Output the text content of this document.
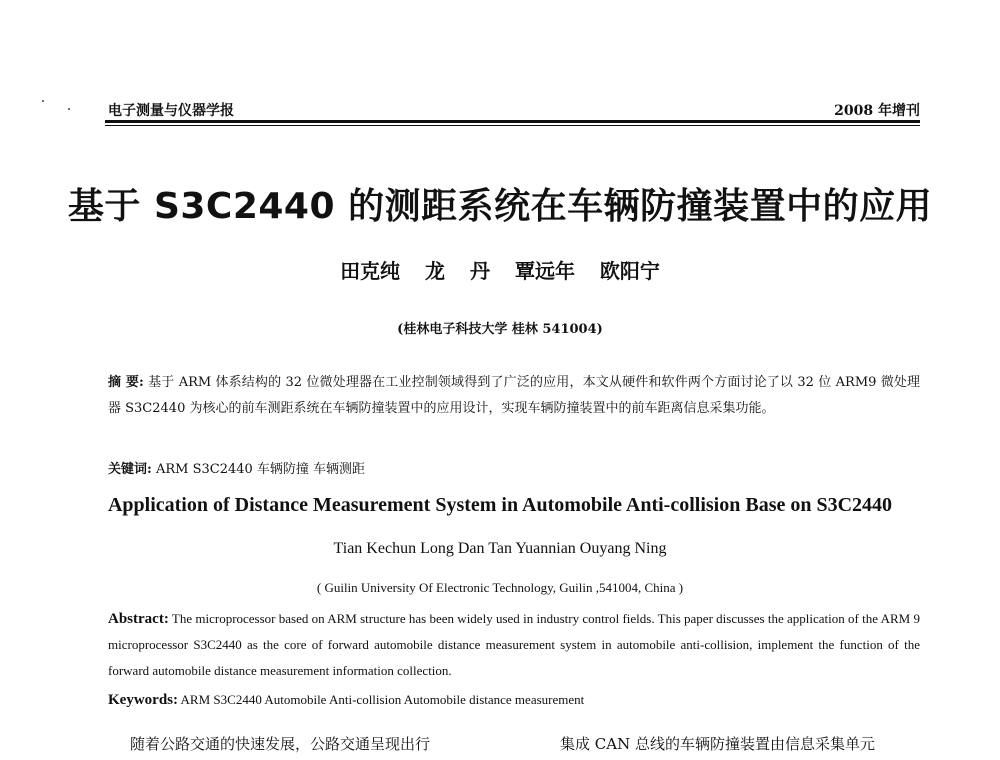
电子测量与仪器学报	2008 年增刊
基于 S3C2440 的测距系统在车辆防撞装置中的应用
田克纯 龙 丹 覃远年 欧阳宁
(桂林电子科技大学 桂林 541004)
摘 要: 基于 ARM 体系结构的 32 位微处理器在工业控制领域得到了广泛的应用，本文从硬件和软件两个方面讨论了以 32 位 ARM9 微处理器 S3C2440 为核心的前车测距系统在车辆防撞装置中的应用设计，实现车辆防撞装置中的前车距离信息采集功能。
关键词: ARM S3C2440 车辆防撞 车辆测距
Application of Distance Measurement System in Automobile Anti-collision Base on S3C2440
Tian Kechun Long Dan Tan Yuannian Ouyang Ning
( Guilin University Of Electronic Technology, Guilin ,541004, China )
Abstract: The microprocessor based on ARM structure has been widely used in industry control fields. This paper discusses the application of the ARM 9 microprocessor S3C2440 as the core of forward automobile distance measurement system in automobile anti-collision, implement the function of the forward automobile distance measurement information collection.
Keywords: ARM S3C2440 Automobile Anti-collision Automobile distance measurement
随着公路交通的快速发展，公路交通呈现出行	集成 CAN 总线的车辆防撞装置由信息采集单元
